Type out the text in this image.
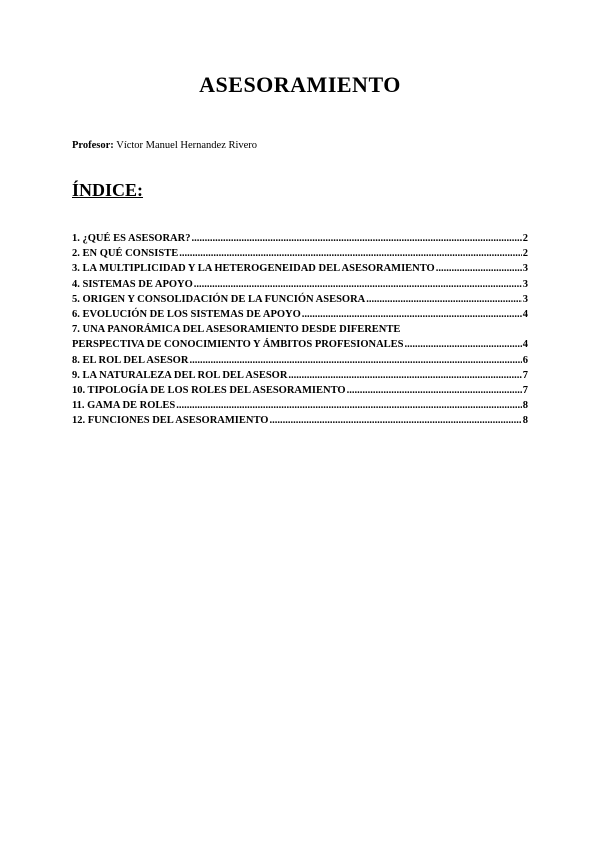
ASESORAMIENTO
Profesor: Víctor Manuel Hernandez Rivero
ÍNDICE:
1. ¿QUÉ ES ASESORAR? .....	2
2. EN QUÉ CONSISTE .....	2
3. LA MULTIPLICIDAD Y LA HETEROGENEIDAD DEL ASESORAMIENTO .....	3
4. SISTEMAS DE APOYO .....	3
5. ORIGEN Y CONSOLIDACIÓN DE LA FUNCIÓN ASESORA .....	3
6. EVOLUCIÓN DE LOS SISTEMAS DE APOYO .....	4
7. UNA PANORÁMICA DEL ASESORAMIENTO DESDE DIFERENTE
PERSPECTIVA DE CONOCIMIENTO Y ÁMBITOS PROFESIONALES .....	4
8. EL ROL DEL ASESOR .....	6
9. LA NATURALEZA DEL ROL DEL ASESOR .....	7
10. TIPOLOGÍA DE LOS ROLES DEL ASESORAMIENTO .....	7
11. GAMA DE ROLES .....	8
12. FUNCIONES DEL ASESORAMIENTO .....	8
